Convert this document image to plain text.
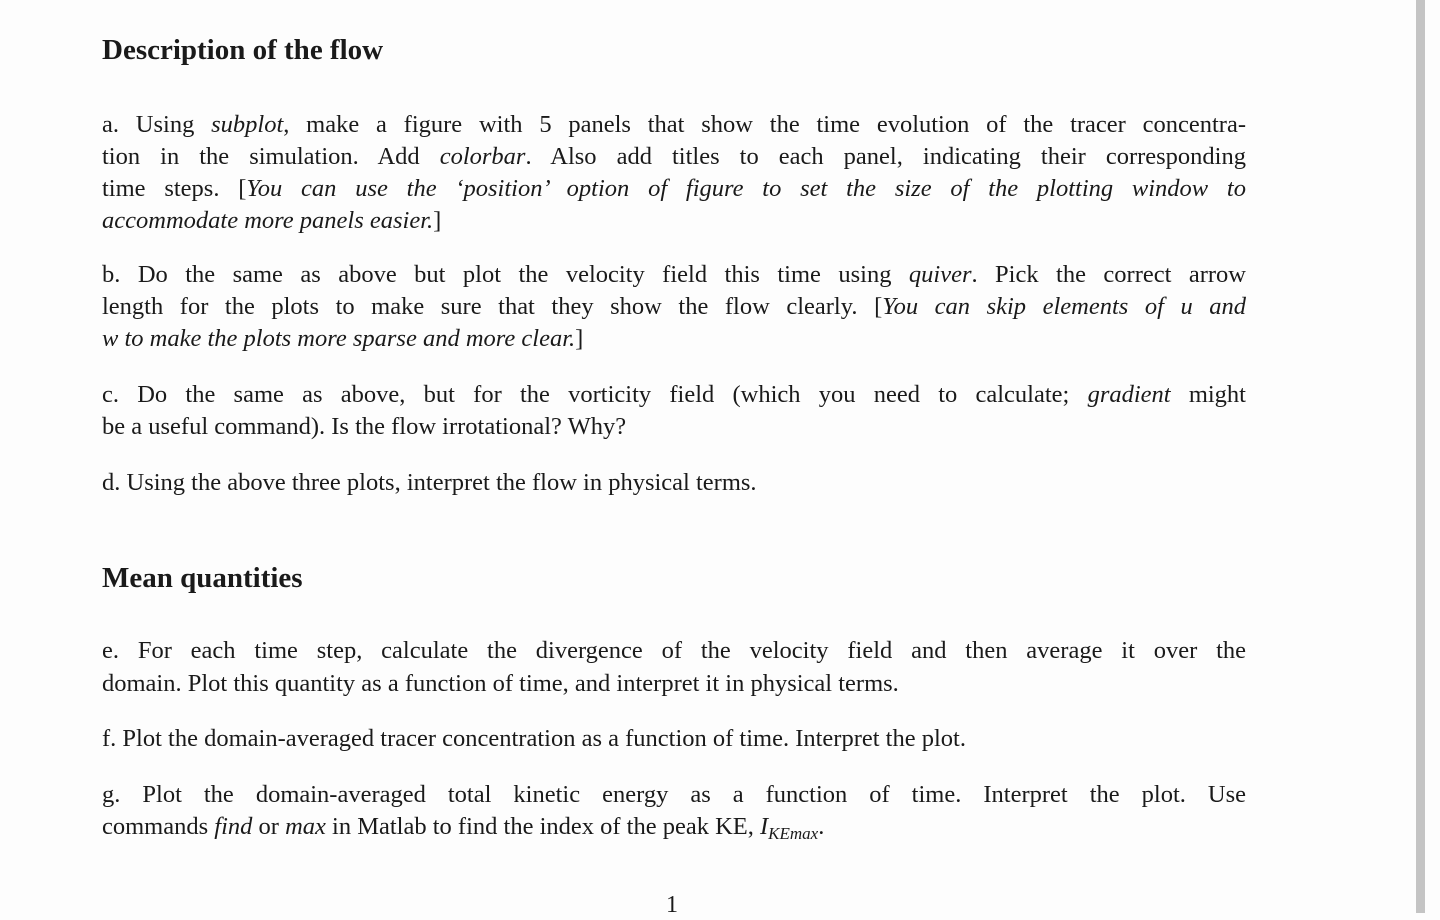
Description of the flow
Mean quantities
a. Using subplot, make a figure with 5 panels that show the time evolution of the tracer concentra-
tion in the simulation. Add colorbar. Also add titles to each panel, indicating their corresponding
time steps. [You can use the ‘position’ option of figure to set the size of the plotting window to
accommodate more panels easier.]
b. Do the same as above but plot the velocity field this time using quiver. Pick the correct arrow
length for the plots to make sure that they show the flow clearly. [You can skip elements of u and
w to make the plots more sparse and more clear.]
c. Do the same as above, but for the vorticity field (which you need to calculate; gradient might
be a useful command). Is the flow irrotational? Why?
d. Using the above three plots, interpret the flow in physical terms.
e. For each time step, calculate the divergence of the velocity field and then average it over the
domain. Plot this quantity as a function of time, and interpret it in physical terms.
f. Plot the domain-averaged tracer concentration as a function of time. Interpret the plot.
g. Plot the domain-averaged total kinetic energy as a function of time. Interpret the plot. Use
commands find or max in Matlab to find the index of the peak KE, $I_{KEmax}$.
1
